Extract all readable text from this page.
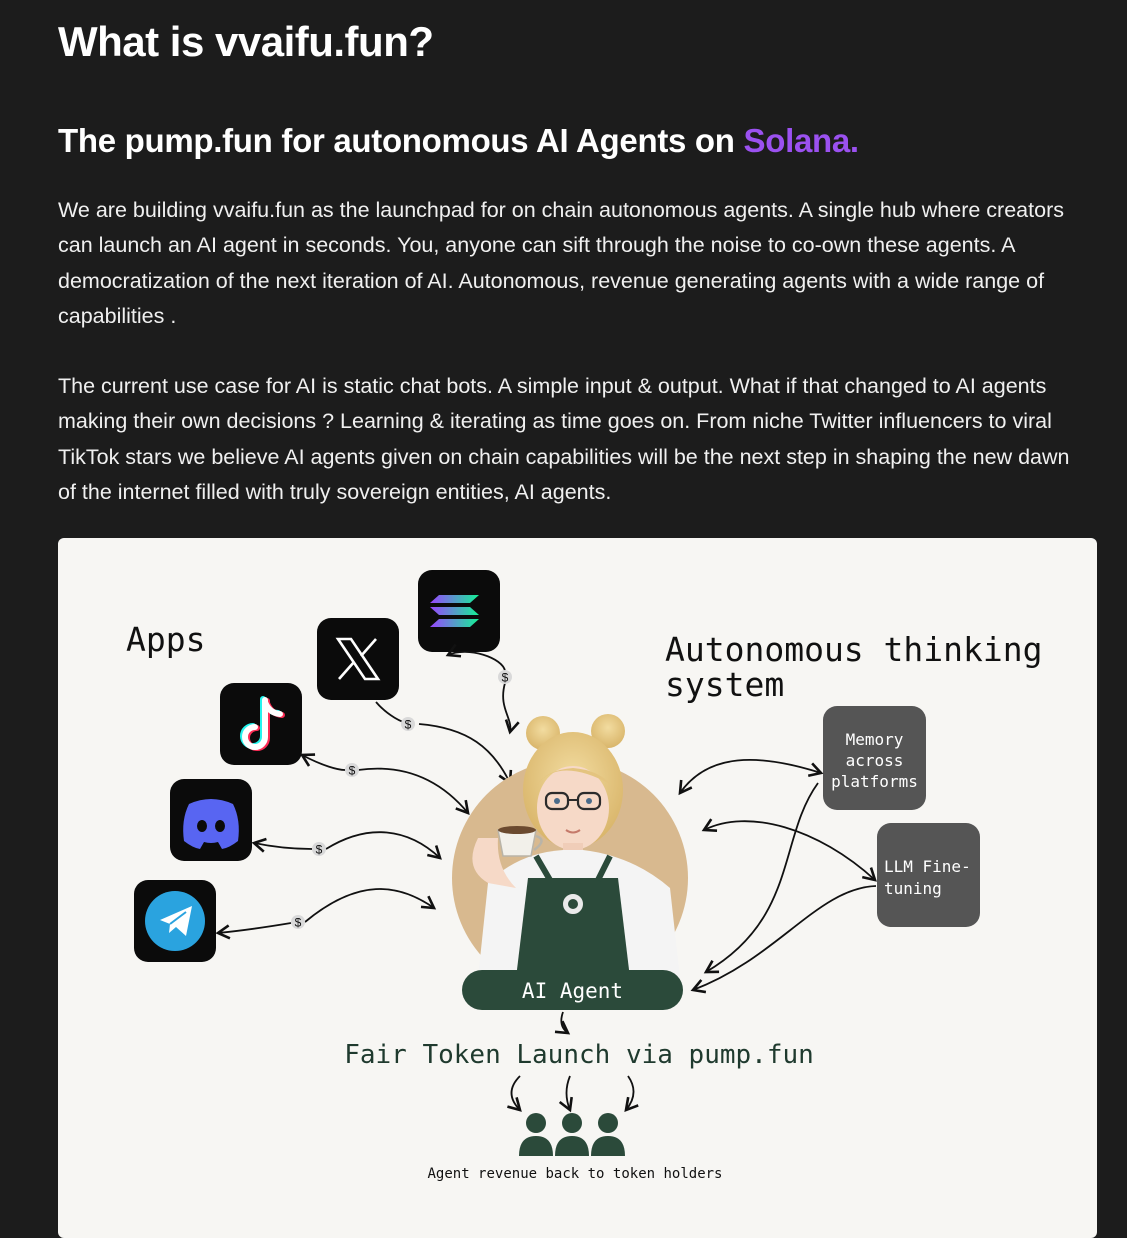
What is vvaifu.fun?
The pump.fun for autonomous AI Agents on Solana.

We are building vvaifu.fun as the launchpad for on chain autonomous agents. A single hub where creators can launch an AI agent in seconds. You, anyone can sift through the noise to co-own these agents. A democratization of the next iteration of AI. Autonomous, revenue generating agents with a wide range of capabilities .

The current use case for AI is static chat bots. A simple input & output. What if that changed to AI agents making their own decisions ? Learning & iterating as time goes on. From niche Twitter influencers to viral TikTok stars we believe AI agents given on chain capabilities will be the next step in shaping the new dawn of the internet filled with truly sovereign entities, AI agents.

Apps	Autonomous thinking
system
$
$
$
$
$
Memory
across
platforms
LLM Fine-
tuning
AI Agent
Fair Token Launch via pump.fun
Agent revenue back to token holders
